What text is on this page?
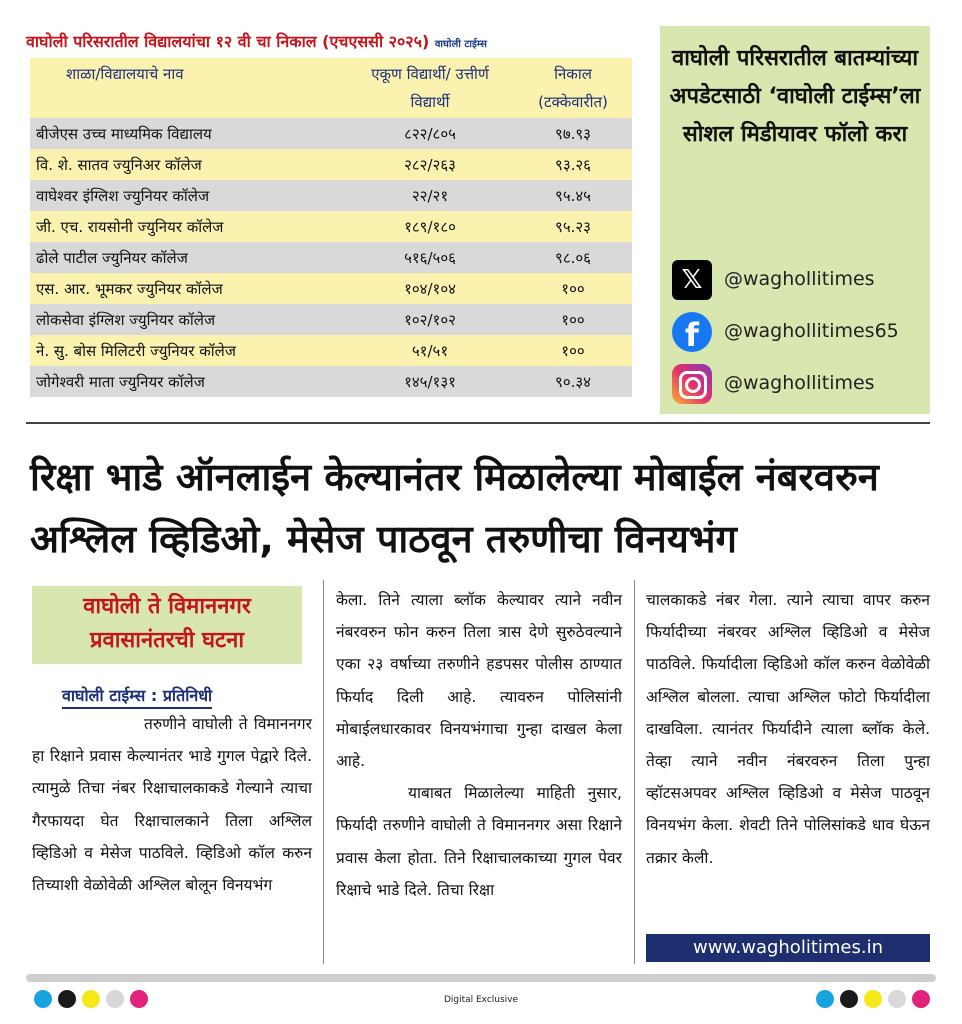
वाघोली परिसरातील विद्यालयांचा १२ वी चा निकाल (एचएससी २०२५) वाघोली टाईम्स
शाळा/विद्यालयाचे नाव	एकूण विद्यार्थी/ उत्तीर्ण विद्यार्थी	निकाल (टक्केवारीत)
बीजेएस उच्च माध्यमिक विद्यालय	८२२/८०५	९७.९३
वि. शे. सातव ज्युनिअर कॉलेज	२८२/२६३	९३.२६
वाघेश्वर इंग्लिश ज्युनियर कॉलेज	२२/२१	९५.४५
जी. एच. रायसोनी ज्युनियर कॉलेज	१८९/१८०	९५.२३
ढोले पाटील ज्युनियर कॉलेज	५१६/५०६	९८.०६
एस. आर. भूमकर ज्युनियर कॉलेज	१०४/१०४	१००
लोकसेवा इंग्लिश ज्युनियर कॉलेज	१०२/१०२	१००
ने. सु. बोस मिलिटरी ज्युनियर कॉलेज	५१/५१	१००
जोगेश्वरी माता ज्युनियर कॉलेज	१४५/१३१	९०.३४
वाघोली परिसरातील बातम्यांच्या अपडेटसाठी ‘वाघोली टाईम्स’ला सोशल मिडीयावर फॉलो करा
𝕏	@waghollitimes
f	@waghollitimes65
@waghollitimes
रिक्षा भाडे ऑनलाईन केल्यानंतर मिळालेल्या मोबाईल नंबरवरुन अश्लिल व्हिडिओ, मेसेज पाठवून तरुणीचा विनयभंग
वाघोली ते विमाननगर प्रवासानंतरची घटना
वाघोली टाईम्स : प्रतिनिधी

तरुणीने वाघोली ते विमाननगर हा रिक्षाने प्रवास केल्यानंतर भाडे गुगल पेद्वारे दिले. त्यामुळे तिचा नंबर रिक्षाचालकाकडे गेल्याने त्याचा गैरफायदा घेत रिक्षाचालकाने तिला अश्लिल व्हिडिओ व मेसेज पाठविले. व्हिडिओ कॉल करुन तिच्याशी वेळोवेळी अश्लिल बोलून विनयभंग

केला. तिने त्याला ब्लॉक केल्यावर त्याने नवीन नंबरवरुन फोन करुन तिला त्रास देणे सुरुठेवल्याने एका २३ वर्षाच्या तरुणीने हडपसर पोलीस ठाण्यात फिर्याद दिली आहे. त्यावरुन पोलिसांनी मोबाईलधारकावर विनयभंगाचा गुन्हा दाखल केला आहे.

याबाबत मिळालेल्या माहिती नुसार, फिर्यादी तरुणीने वाघोली ते विमाननगर असा रिक्षाने प्रवास केला होता. तिने रिक्षाचालकाच्या गुगल पेवर रिक्षाचे भाडे दिले. तिचा रिक्षा

चालकाकडे नंबर गेला. त्याने त्याचा वापर करुन फिर्यादीच्या नंबरवर अश्लिल व्हिडिओ व मेसेज पाठविले. फिर्यादीला व्हिडिओ कॉल करुन वेळोवेळी अश्लिल बोलला. त्याचा अश्लिल फोटो फिर्यादीला दाखविला. त्यानंतर फिर्यादीने त्याला ब्लॉक केले. तेव्हा त्याने नवीन नंबरवरुन तिला पुन्हा व्हॉटसअपवर अश्लिल व्हिडिओ व मेसेज पाठवून विनयभंग केला. शेवटी तिने पोलिसांकडे धाव घेऊन तक्रार केली.

www.wagholitimes.in
Digital Exclusive
